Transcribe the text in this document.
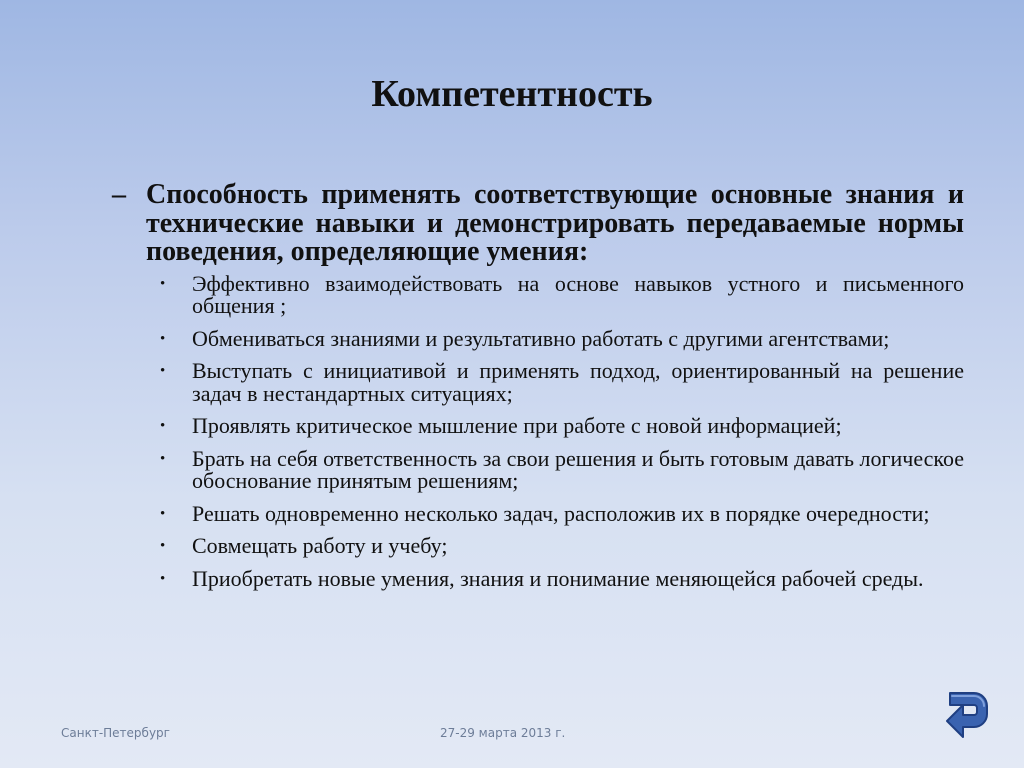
Компетентность
– Способность применять соответствующие основные знания и технические навыки и демонстрировать передаваемые нормы поведения, определяющие умения:
•	Эффективно взаимодействовать на основе навыков устного и письменного общения ;
•	Обмениваться знаниями и результативно работать с другими агентствами;
•	Выступать с инициативой и применять подход, ориентированный на решение задач в нестандартных ситуациях;
•	Проявлять критическое мышление при работе с новой информацией;
•	Брать на себя ответственность за свои решения и быть готовым давать логическое обоснование принятым решениям;
•	Решать одновременно несколько задач, расположив их в порядке очередности;
•	Совмещать работу и учебу;
•	Приобретать новые умения, знания и понимание меняющейся рабочей среды.
Санкт-Петербург	27-29 марта 2013 г.
